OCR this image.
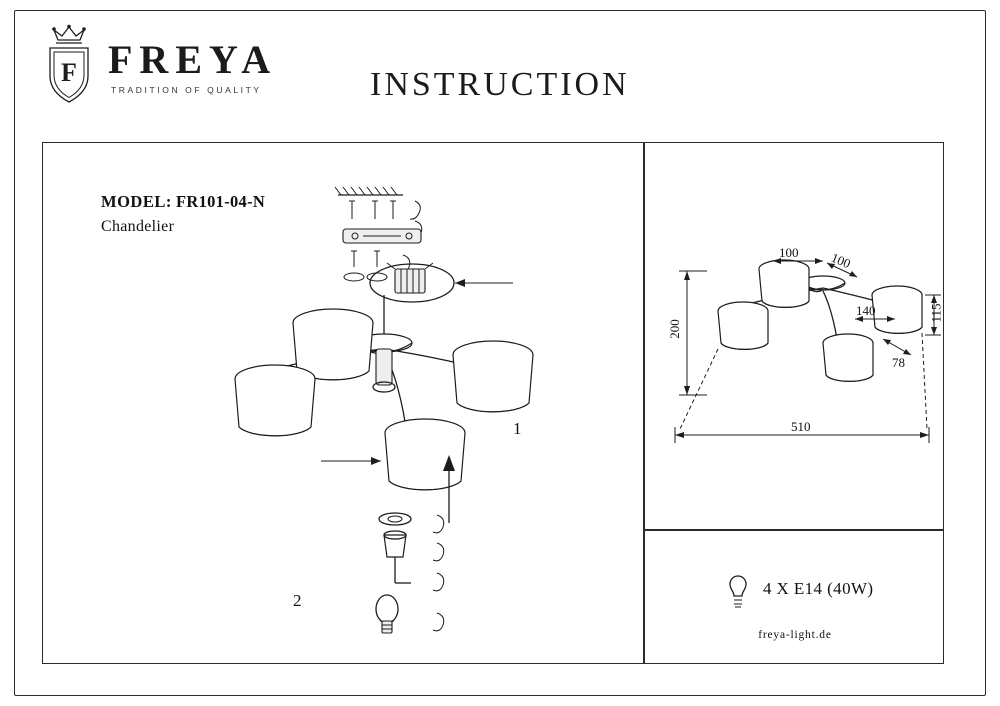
F FREYA
TRADITION OF QUALITY	INSTRUCTION
MODEL: FR101-04-N
Chandelier
1
2
100 100
200
140	115
78
510
4 X E14 (40W)
freya-light.de
